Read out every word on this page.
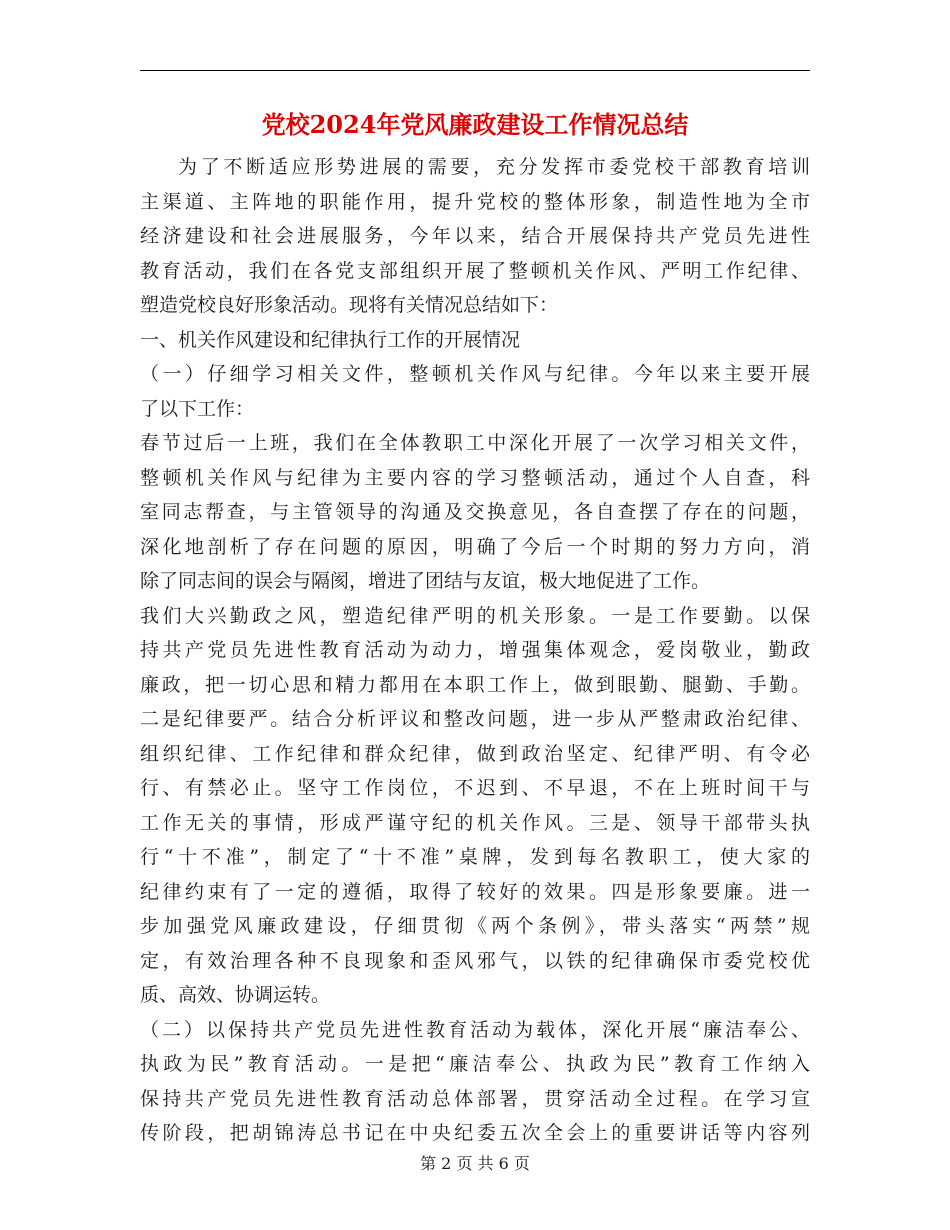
党校2024年党风廉政建设工作情况总结
为了不断适应形势进展的需要，充分发挥市委党校干部教育培训
主渠道、主阵地的职能作用，提升党校的整体形象，制造性地为全市
经济建设和社会进展服务，今年以来，结合开展保持共产党员先进性
教育活动，我们在各党支部组织开展了整顿机关作风、严明工作纪律、
塑造党校良好形象活动。现将有关情况总结如下：
一、机关作风建设和纪律执行工作的开展情况
（一）仔细学习相关文件，整顿机关作风与纪律。今年以来主要开展
了以下工作：
春节过后一上班，我们在全体教职工中深化开展了一次学习相关文件，
整顿机关作风与纪律为主要内容的学习整顿活动，通过个人自查，科
室同志帮查，与主管领导的沟通及交换意见，各自查摆了存在的问题，
深化地剖析了存在问题的原因，明确了今后一个时期的努力方向，消
除了同志间的误会与隔阂，增进了团结与友谊，极大地促进了工作。
我们大兴勤政之风，塑造纪律严明的机关形象。一是工作要勤。以保
持共产党员先进性教育活动为动力，增强集体观念，爱岗敬业，勤政
廉政，把一切心思和精力都用在本职工作上，做到眼勤、腿勤、手勤。
二是纪律要严。结合分析评议和整改问题，进一步从严整肃政治纪律、
组织纪律、工作纪律和群众纪律，做到政治坚定、纪律严明、有令必
行、有禁必止。坚守工作岗位，不迟到、不早退，不在上班时间干与
工作无关的事情，形成严谨守纪的机关作风。三是、领导干部带头执
行“十不准”，制定了“十不准”桌牌，发到每名教职工，使大家的
纪律约束有了一定的遵循，取得了较好的效果。四是形象要廉。进一
步加强党风廉政建设，仔细贯彻《两个条例》，带头落实“两禁”规
定，有效治理各种不良现象和歪风邪气，以铁的纪律确保市委党校优
质、高效、协调运转。
（二）以保持共产党员先进性教育活动为载体，深化开展“廉洁奉公、
执政为民”教育活动。一是把“廉洁奉公、执政为民”教育工作纳入
保持共产党员先进性教育活动总体部署，贯穿活动全过程。在学习宣
传阶段，把胡锦涛总书记在中央纪委五次全会上的重要讲话等内容列
第 2 页 共 6 页
